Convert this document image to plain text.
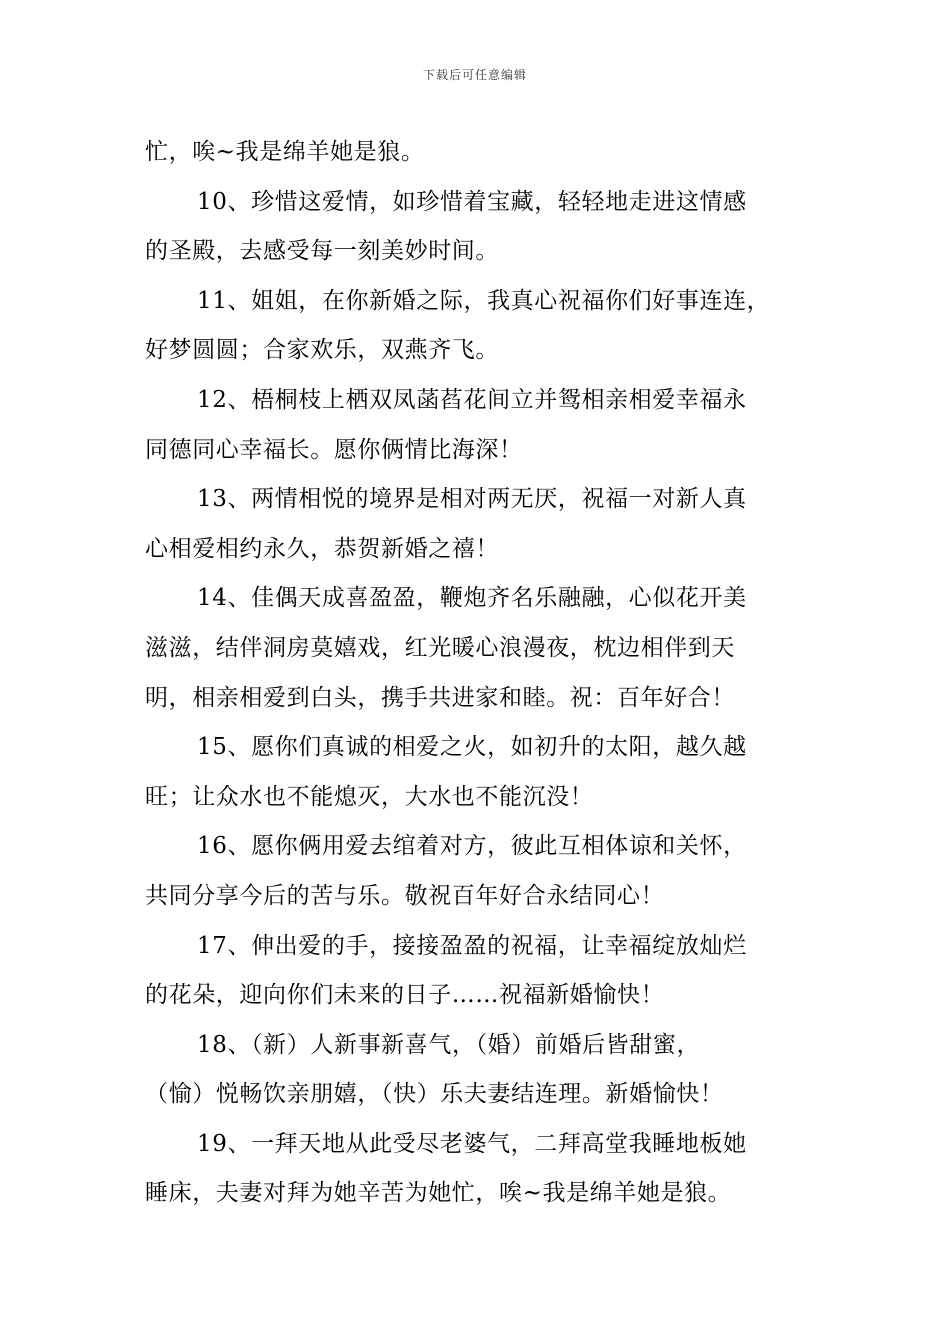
下载后可任意编辑
忙，唉~我是绵羊她是狼。
10、珍惜这爱情，如珍惜着宝藏，轻轻地走进这情感
的圣殿，去感受每一刻美妙时间。
11、姐姐，在你新婚之际，我真心祝福你们好事连连，
好梦圆圆；合家欢乐，双燕齐飞。
12、梧桐枝上栖双凤菡萏花间立并鸳相亲相爱幸福永
同德同心幸福长。愿你俩情比海深！
13、两情相悦的境界是相对两无厌，祝福一对新人真
心相爱相约永久，恭贺新婚之禧！
14、佳偶天成喜盈盈，鞭炮齐名乐融融，心似花开美
滋滋，结伴洞房莫嬉戏，红光暖心浪漫夜，枕边相伴到天
明，相亲相爱到白头，携手共进家和睦。祝：百年好合！
15、愿你们真诚的相爱之火，如初升的太阳，越久越
旺；让众水也不能熄灭，大水也不能沉没！
16、愿你俩用爱去绾着对方，彼此互相体谅和关怀，
共同分享今后的苦与乐。敬祝百年好合永结同心！
17、伸出爱的手，接接盈盈的祝福，让幸福绽放灿烂
的花朵，迎向你们未来的日子……祝福新婚愉快！
18、（新）人新事新喜气，（婚）前婚后皆甜蜜，
（愉）悦畅饮亲朋嬉，（快）乐夫妻结连理。新婚愉快！
19、一拜天地从此受尽老婆气，二拜高堂我睡地板她
睡床，夫妻对拜为她辛苦为她忙，唉~我是绵羊她是狼。
